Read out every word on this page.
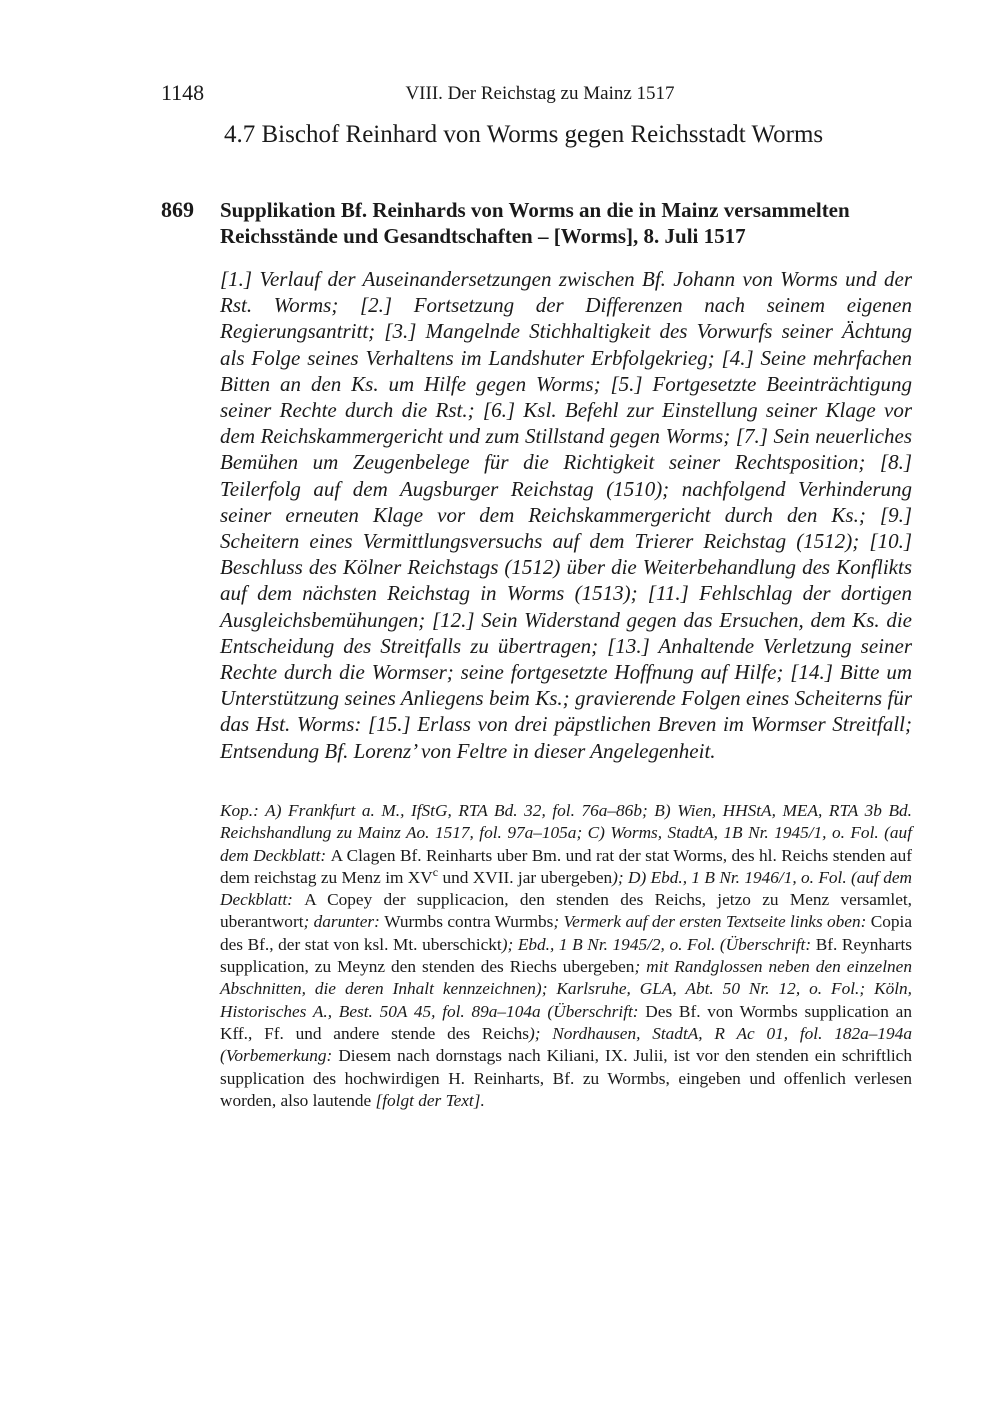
1148	VIII. Der Reichstag zu Mainz 1517
4.7 Bischof Reinhard von Worms gegen Reichsstadt Worms
869 Supplikation Bf. Reinhards von Worms an die in Mainz versammelten Reichsstände und Gesandtschaften – [Worms], 8. Juli 1517

[1.] Verlauf der Auseinandersetzungen zwischen Bf. Johann von Worms und der Rst. Worms; [2.] Fortsetzung der Differenzen nach seinem eigenen Regierungsantritt; [3.] Mangelnde Stichhaltigkeit des Vorwurfs seiner Ächtung als Folge seines Verhaltens im Landshuter Erbfolgekrieg; [4.] Seine mehrfachen Bitten an den Ks. um Hilfe gegen Worms; [5.] Fortgesetzte Beeinträchtigung seiner Rechte durch die Rst.; [6.] Ksl. Befehl zur Einstellung seiner Klage vor dem Reichskammergericht und zum Stillstand gegen Worms; [7.] Sein neuerliches Bemühen um Zeugenbelege für die Richtigkeit seiner Rechtsposition; [8.] Teilerfolg auf dem Augsburger Reichstag (1510); nachfolgend Verhinderung seiner erneuten Klage vor dem Reichskammergericht durch den Ks.; [9.] Scheitern eines Vermittlungsversuchs auf dem Trierer Reichstag (1512); [10.] Beschluss des Kölner Reichstags (1512) über die Weiterbehandlung des Konflikts auf dem nächsten Reichstag in Worms (1513); [11.] Fehlschlag der dortigen Ausgleichsbemühungen; [12.] Sein Widerstand gegen das Ersuchen, dem Ks. die Entscheidung des Streitfalls zu übertragen; [13.] Anhaltende Verletzung seiner Rechte durch die Wormser; seine fortgesetzte Hoffnung auf Hilfe; [14.] Bitte um Unterstützung seines Anliegens beim Ks.; gravierende Folgen eines Scheiterns für das Hst. Worms: [15.] Erlass von drei päpstlichen Breven im Wormser Streitfall; Entsendung Bf. Lorenz’ von Feltre in dieser Angelegenheit.

Kop.: A) Frankfurt a. M., IfStG, RTA Bd. 32, fol. 76a–86b; B) Wien, HHStA, MEA, RTA 3b Bd. Reichshandlung zu Mainz Ao. 1517, fol. 97a–105a; C) Worms, StadtA, 1B Nr. 1945/1, o. Fol. (auf dem Deckblatt: A Clagen Bf. Reinharts uber Bm. und rat der stat Worms, des hl. Reichs stenden auf dem reichstag zu Menz im $XV^c$ und XVII. jar ubergeben); D) Ebd., 1 B Nr. 1946/1, o. Fol. (auf dem Deckblatt: A Copey der supplicacion, den stenden des Reichs, jetzo zu Menz versamlet, uberantwort; darunter: Wurmbs contra Wurmbs; Vermerk auf der ersten Textseite links oben: Copia des Bf., der stat von ksl. Mt. uberschickt); Ebd., 1 B Nr. 1945/2, o. Fol. (Überschrift: Bf. Reynharts supplication, zu Meynz den stenden des Riechs ubergeben; mit Randglossen neben den einzelnen Abschnitten, die deren Inhalt kennzeichnen); Karlsruhe, GLA, Abt. 50 Nr. 12, o. Fol.; Köln, Historisches A., Best. 50A 45, fol. 89a–104a (Überschrift: Des Bf. von Wormbs supplication an Kff., Ff. und andere stende des Reichs); Nordhausen, StadtA, R Ac 01, fol. 182a–194a (Vorbemerkung: Diesem nach dornstags nach Kiliani, IX. Julii, ist vor den stenden ein schriftlich supplication des hochwirdigen H. Reinharts, Bf. zu Wormbs, eingeben und offenlich verlesen worden, also lautende [folgt der Text].
